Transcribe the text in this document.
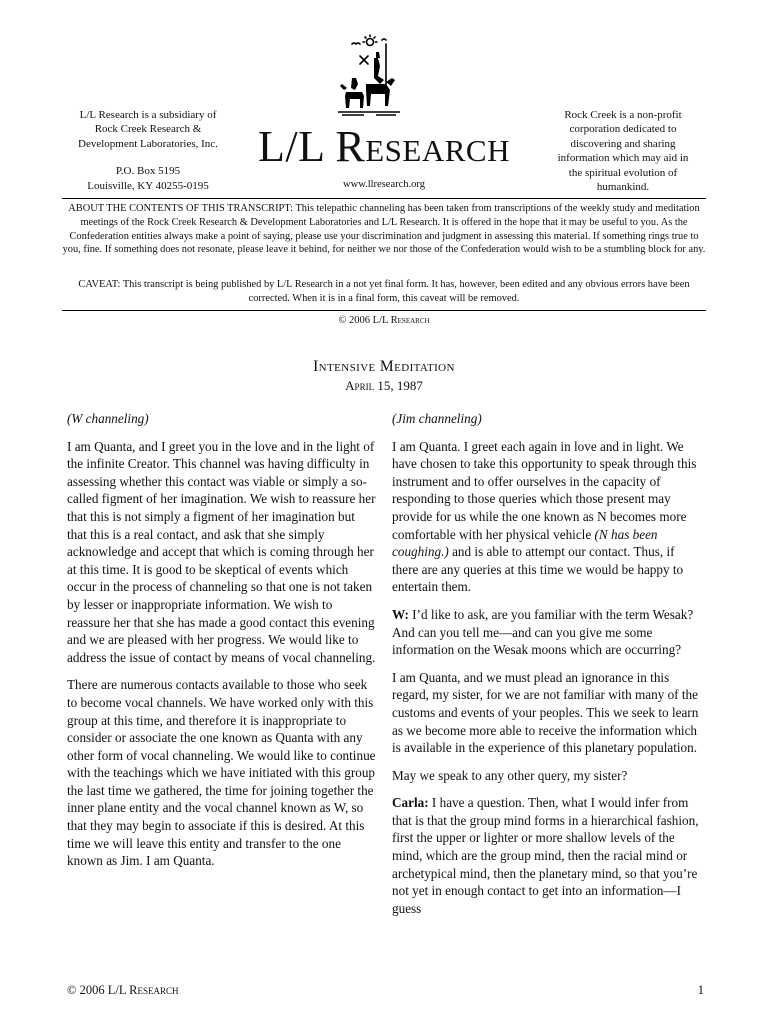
L/L Research is a subsidiary of
Rock Creek Research &
Development Laboratories, Inc.
P.O. Box 5195
Louisville, KY 40255-0195
L/L Research
www.llresearch.org
Rock Creek is a non-profit
corporation dedicated to
discovering and sharing
information which may aid in
the spiritual evolution of
humankind.
ABOUT THE CONTENTS OF THIS TRANSCRIPT: This telepathic channeling has been taken from transcriptions of the weekly study and meditation meetings of the Rock Creek Research & Development Laboratories and L/L Research. It is offered in the hope that it may be useful to you. As the Confederation entities always make a point of saying, please use your discrimination and judgment in assessing this material. If something rings true to you, fine. If something does not resonate, please leave it behind, for neither we nor those of the Confederation would wish to be a stumbling block for any.
CAVEAT: This transcript is being published by L/L Research in a not yet final form. It has, however, been edited and any obvious errors have been corrected. When it is in a final form, this caveat will be removed.
© 2006 L/L Research
Intensive Meditation
April 15, 1987

(W channeling)

I am Quanta, and I greet you in the love and in the light of the infinite Creator. This channel was having difficulty in assessing whether this contact was viable or simply a so-called figment of her imagination. We wish to reassure her that this is not simply a figment of her imagination but that this is a real contact, and ask that she simply acknowledge and accept that which is coming through her at this time. It is good to be skeptical of events which occur in the process of channeling so that one is not taken by lesser or inappropriate information. We wish to reassure her that she has made a good contact this evening and we are pleased with her progress. We would like to address the issue of contact by means of vocal channeling.

There are numerous contacts available to those who seek to become vocal channels. We have worked only with this group at this time, and therefore it is inappropriate to consider or associate the one known as Quanta with any other form of vocal channeling. We would like to continue with the teachings which we have initiated with this group the last time we gathered, the time for joining together the inner plane entity and the vocal channel known as W, so that they may begin to associate if this is desired. At this time we will leave this entity and transfer to the one known as Jim. I am Quanta.

(Jim channeling)

I am Quanta. I greet each again in love and in light. We have chosen to take this opportunity to speak through this instrument and to offer ourselves in the capacity of responding to those queries which those present may provide for us while the one known as N becomes more comfortable with her physical vehicle (N has been coughing.) and is able to attempt our contact. Thus, if there are any queries at this time we would be happy to entertain them.

W: I’d like to ask, are you familiar with the term Wesak? And can you tell me—and can you give me some information on the Wesak moons which are occurring?

I am Quanta, and we must plead an ignorance in this regard, my sister, for we are not familiar with many of the customs and events of your peoples. This we seek to learn as we become more able to receive the information which is available in the experience of this planetary population.

May we speak to any other query, my sister?

Carla: I have a question. Then, what I would infer from that is that the group mind forms in a hierarchical fashion, first the upper or lighter or more shallow levels of the mind, which are the group mind, then the racial mind or archetypical mind, then the planetary mind, so that you’re not yet in enough contact to get into an information—I guess

© 2006 L/L Research	1
